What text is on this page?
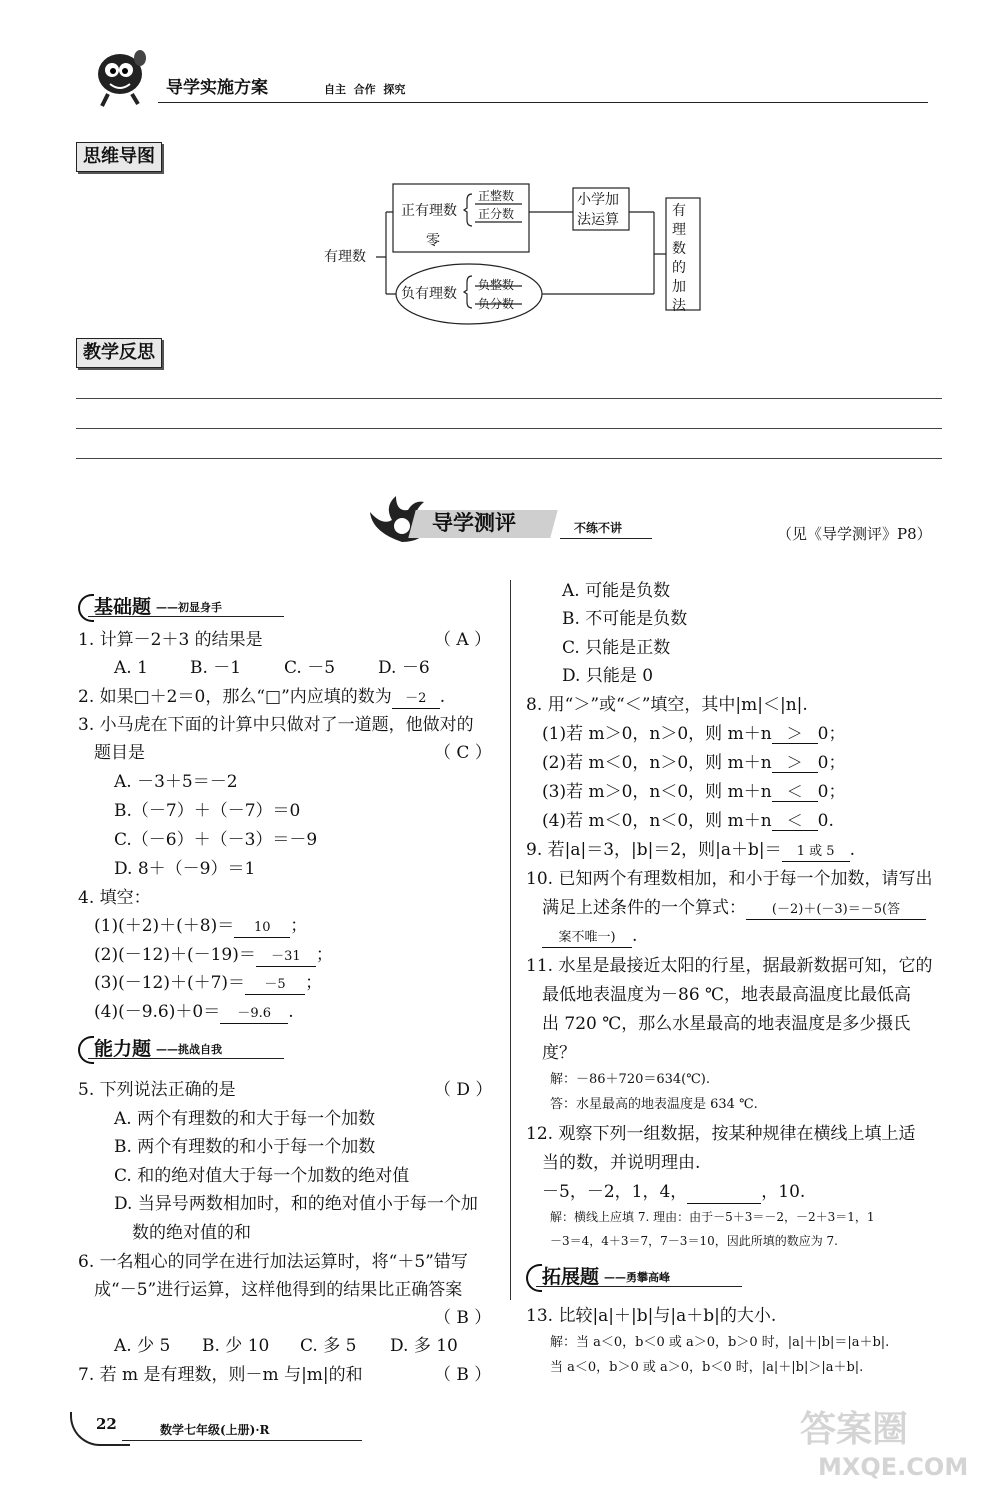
导学实施方案	自主  合作  探究
思维导图
有理数
正有理数
正整数
正分数
零
负有理数
负整数
负分数
小学加法运算
有理数的加法
教学反思
导学测评	不练不讲	（见《导学测评》P8）
基础题 ——初显身手
1. 计算－2＋3 的结果是	（ A ）
A. 1 B. －1	C. －5	D. －6
2. 如果□＋2＝0，那么“□”内应填的数为 －2 .
3. 小马虎在下面的计算中只做对了一道题，他做对的
题目是	（ C ）
A. －3＋5＝－2
B.（－7）＋（－7）＝0
C.（－6）＋（－3）＝－9
D. 8＋（－9）＝1
4. 填空：
(1)(＋2)＋(＋8)＝ 10 ；
(2)(－12)＋(－19)＝ －31 ；
(3)(－12)＋(＋7)＝ －5 ；
(4)(－9.6)＋0＝ －9.6 .
能力题 ——挑战自我
5. 下列说法正确的是	（ D ）
A. 两个有理数的和大于每一个加数
B. 两个有理数的和小于每一个加数
C. 和的绝对值大于每一个加数的绝对值
D. 当异号两数相加时，和的绝对值小于每一个加
数的绝对值的和
6. 一名粗心的同学在进行加法运算时，将“＋5”错写
成“－5”进行运算，这样他得到的结果比正确答案
（ B ）
A. 少 5 B. 少 10 C. 多 5 D. 多 10
7. 若 m 是有理数，则－m 与|m|的和	（ B ）
A. 可能是负数
B. 不可能是负数
C. 只能是正数
D. 只能是 0
8. 用“＞”或“＜”填空，其中|m|＜|n|.
(1)若 m＞0，n＞0，则 m＋n ＞ 0；
(2)若 m＜0，n＞0，则 m＋n ＞ 0；
(3)若 m＞0，n＜0，则 m＋n ＜ 0；
(4)若 m＜0，n＜0，则 m＋n ＜ 0.
9. 若|a|＝3，|b|＝2，则|a＋b|＝ 1 或 5 .
10. 已知两个有理数相加，和小于每一个加数，请写出
满足上述条件的一个算式： (－2)＋(－3)＝－5(答
案不唯一) .
11. 水星是最接近太阳的行星，据最新数据可知，它的
最低地表温度为－86 ℃，地表最高温度比最低高
出 720 ℃，那么水星最高的地表温度是多少摄氏
度？
解：－86＋720＝634(℃).
答：水星最高的地表温度是 634 ℃.
12. 观察下列一组数据，按某种规律在横线上填上适
当的数，并说明理由.
－5，－2，1，4，	，10.
解：横线上应填 7. 理由：由于－5＋3＝－2，－2＋3＝1，1
－3＝4，4＋3＝7，7－3＝10，因此所填的数应为 7.
拓展题 ——勇攀高峰
13. 比较|a|＋|b|与|a＋b|的大小.
解：当 a＜0，b＜0 或 a＞0，b＞0 时，|a|＋|b|＝|a＋b|.
当 a＜0，b＞0 或 a＞0，b＜0 时，|a|＋|b|＞|a＋b|.
22	数学七年级(上册)·R	答案圈
MXQE.COM
